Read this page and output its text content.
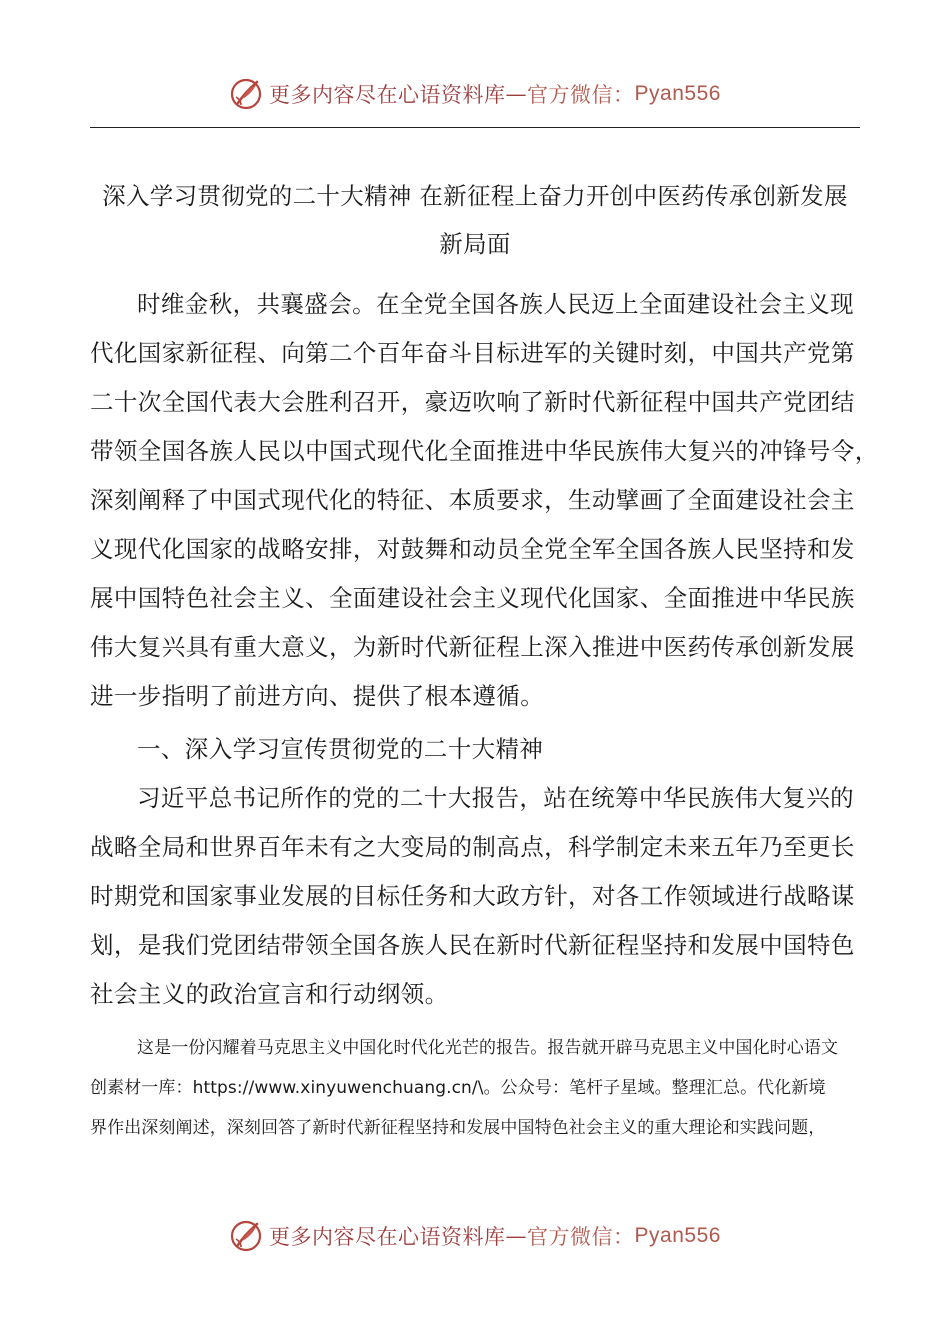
更多内容尽在心语资料库 — 官方微信： Pyan556
深入学习贯彻党的二十大精神 在新征程上奋力开创中医药传承创新发展
新局面
时维金秋，共襄盛会。在全党全国各族人民迈上全面建设社会主义现
代化国家新征程、向第二个百年奋斗目标进军的关键时刻，中国共产党第
二十次全国代表大会胜利召开，豪迈吹响了新时代新征程中国共产党团结
带领全国各族人民以中国式现代化全面推进中华民族伟大复兴的冲锋号令，
深刻阐释了中国式现代化的特征、本质要求，生动擘画了全面建设社会主
义现代化国家的战略安排，对鼓舞和动员全党全军全国各族人民坚持和发
展中国特色社会主义、全面建设社会主义现代化国家、全面推进中华民族
伟大复兴具有重大意义，为新时代新征程上深入推进中医药传承创新发展
进一步指明了前进方向、提供了根本遵循。
一、深入学习宣传贯彻党的二十大精神
习近平总书记所作的党的二十大报告，站在统筹中华民族伟大复兴的
战略全局和世界百年未有之大变局的制高点，科学制定未来五年乃至更长
时期党和国家事业发展的目标任务和大政方针，对各工作领域进行战略谋
划，是我们党团结带领全国各族人民在新时代新征程坚持和发展中国特色
社会主义的政治宣言和行动纲领。
这是一份闪耀着马克思主义中国化时代化光芒的报告。报告就开辟马克思主义中国化时心语文
创素材一库：https://www.xinyuwenchuang.cn/\。公众号：笔杆子星域。整理汇总。代化新境
界作出深刻阐述，深刻回答了新时代新征程坚持和发展中国特色社会主义的重大理论和实践问题，
更多内容尽在心语资料库 — 官方微信： Pyan556
